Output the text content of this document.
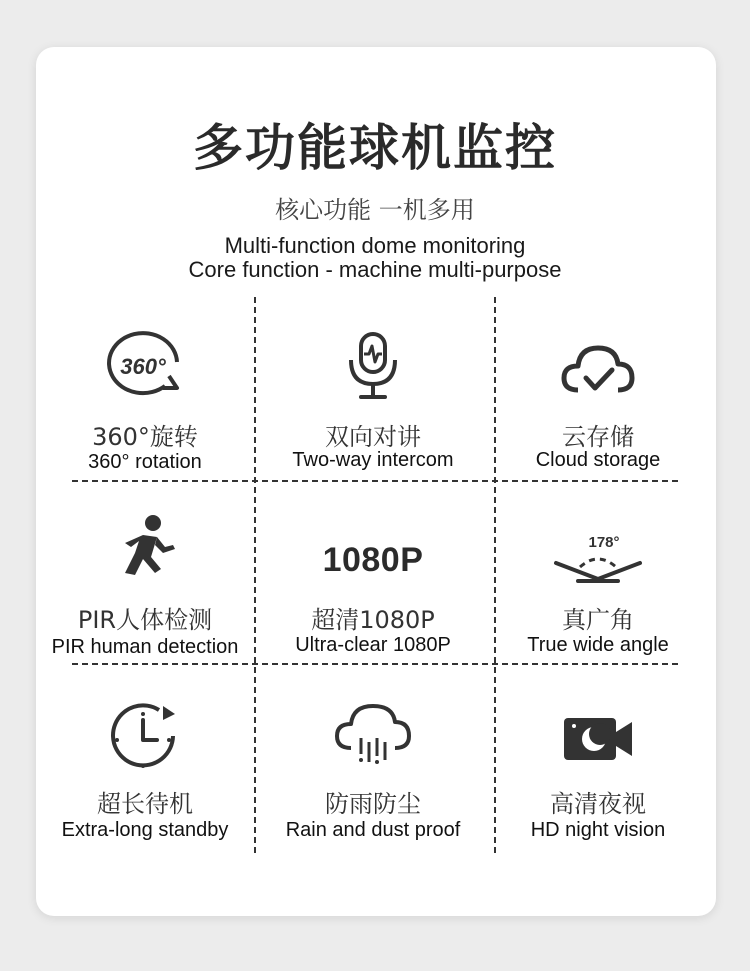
多功能球机监控
核心功能 一机多用
Multi-function dome monitoring
Core function - machine multi-purpose
360°
360°旋转
360° rotation
双向对讲
Two-way intercom
云存储
Cloud storage
PIR人体检测
PIR human detection
1080P
超清1080P
Ultra-clear 1080P
178°
真广角
True wide angle
超长待机
Extra-long standby
防雨防尘
Rain and dust proof
高清夜视
HD night vision
